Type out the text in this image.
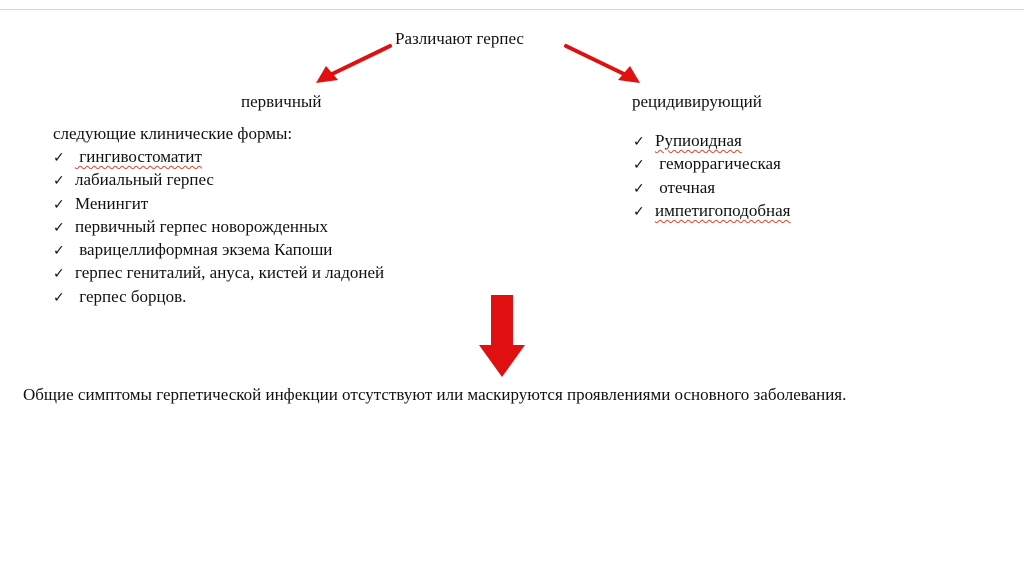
Различают герпес
первичный	рецидивирующий
следующие клинические формы:
✓ гингивостоматит
✓ лабиальный герпес
✓ Менингит
✓ первичный герпес новорожденных
✓ варицеллиформная экзема Капоши
✓ герпес гениталий, ануса, кистей и ладоней
✓ герпес борцов.
✓ Рупиоидная
✓ геморрагическая
✓ отечная
✓ импетигоподобная
Общие симптомы герпетической инфекции отсутствуют или маскируются проявлениями основного заболевания.
